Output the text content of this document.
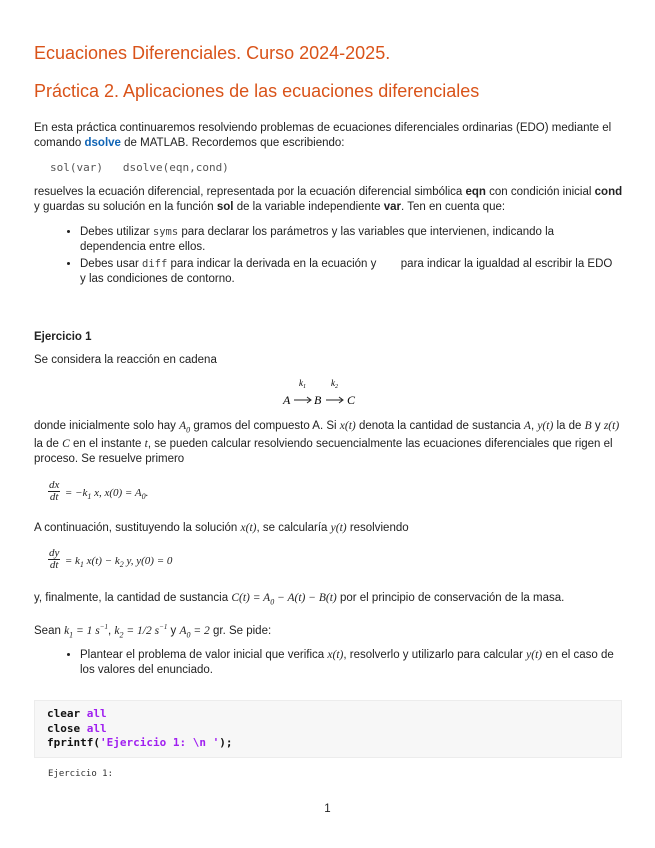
Ecuaciones Diferenciales. Curso 2024-2025.
Práctica 2. Aplicaciones de las ecuaciones diferenciales
En esta práctica continuaremos resolviendo problemas de ecuaciones diferenciales ordinarias (EDO) mediante el comando dsolve de MATLAB. Recordemos que escribiendo:
sol(var)   dsolve(eqn,cond)
resuelves la ecuación diferencial, representada por la ecuación diferencial simbólica eqn con condición inicial cond y guardas su solución en la función sol de la variable independiente var. Ten en cuenta que:
• Debes utilizar syms para declarar los parámetros y las variables que intervienen, indicando la dependencia entre ellos.
• Debes usar diff para indicar la derivada en la ecuación y para indicar la igualdad al escribir la EDO y las condiciones de contorno.
Ejercicio 1
Se considera la reacción en cadena
$k_1$	$k_2$
A B C
donde inicialmente solo hay $A_0$ gramos del compuesto A. Si x(t) denota la cantidad de sustancia A, y(t) la de B y z(t) la de C en el instante t, se pueden calcular resolviendo secuencialmente las ecuaciones diferenciales que rigen el proceso. Se resuelve primero
$\frac{dx}{dt} = -k_1$ x, $x(0) = A_0$.
A continuación, sustituyendo la solución x(t), se calcularía y(t) resolviendo
$\frac{dy}{dt} = k_1$ $x(t) - k_2$ y, y(0) = 0
y, finalmente, la cantidad de sustancia $C(t) = A_0 - A(t) - B(t)$ por el principio de conservación de la masa.
Sean $k_1 = 1$ $s^{-1}$, $k_2 = 1/2$ $s^{-1}$ y $A_0 = 2$ gr. Se pide:
• Plantear el problema de valor inicial que verifica x(t), resolverlo y utilizarlo para calcular y(t) en el caso de los valores del enunciado.
clear all
close all
fprintf('Ejercicio 1: \n ');
Ejercicio 1:
1
